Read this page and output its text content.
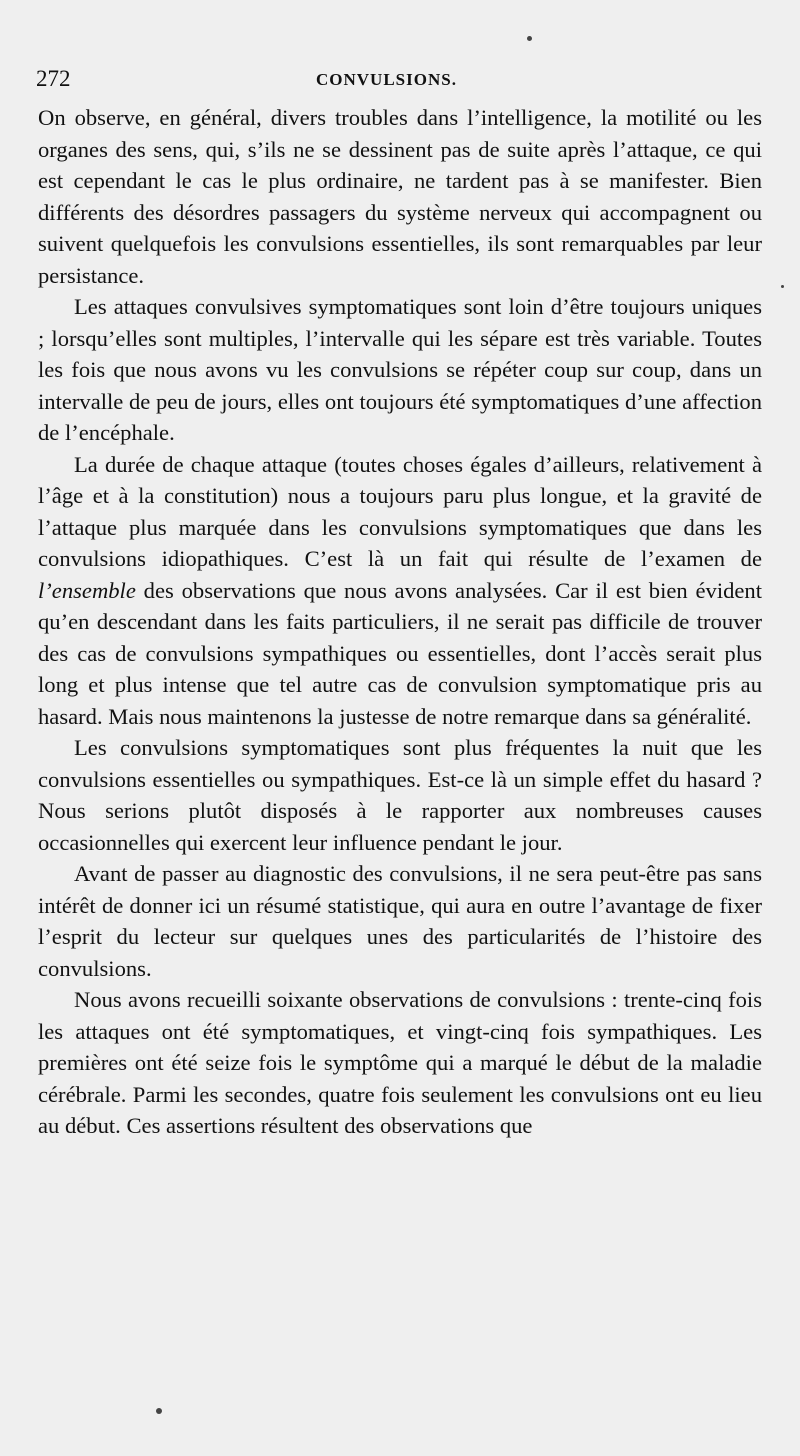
272	CONVULSIONS.

On observe, en général, divers troubles dans l’intelligence, la motilité ou les organes des sens, qui, s’ils ne se dessinent pas de suite après l’attaque, ce qui est cependant le cas le plus ordinaire, ne tardent pas à se manifester. Bien différents des désordres passagers du système nerveux qui accompagnent ou suivent quelquefois les convulsions essentielles, ils sont remarquables par leur persistance.

Les attaques convulsives symptomatiques sont loin d’être toujours uniques ; lorsqu’elles sont multiples, l’intervalle qui les sépare est très variable. Toutes les fois que nous avons vu les convulsions se répéter coup sur coup, dans un intervalle de peu de jours, elles ont toujours été symptomatiques d’une affection de l’encéphale.

La durée de chaque attaque (toutes choses égales d’ailleurs, relativement à l’âge et à la constitution) nous a toujours paru plus longue, et la gravité de l’attaque plus marquée dans les convulsions symptomatiques que dans les convulsions idiopathiques. C’est là un fait qui résulte de l’examen de l’ensemble des observations que nous avons analysées. Car il est bien évident qu’en descendant dans les faits particuliers, il ne serait pas difficile de trouver des cas de convulsions sympathiques ou essentielles, dont l’accès serait plus long et plus intense que tel autre cas de convulsion symptomatique pris au hasard. Mais nous maintenons la justesse de notre remarque dans sa généralité.

Les convulsions symptomatiques sont plus fréquentes la nuit que les convulsions essentielles ou sympathiques. Est-ce là un simple effet du hasard ? Nous serions plutôt disposés à le rapporter aux nombreuses causes occasionnelles qui exercent leur influence pendant le jour.

Avant de passer au diagnostic des convulsions, il ne sera peut-être pas sans intérêt de donner ici un résumé statistique, qui aura en outre l’avantage de fixer l’esprit du lecteur sur quelques unes des particularités de l’histoire des convulsions.

Nous avons recueilli soixante observations de convulsions : trente-cinq fois les attaques ont été symptomatiques, et vingt-cinq fois sympathiques. Les premières ont été seize fois le symptôme qui a marqué le début de la maladie cérébrale. Parmi les secondes, quatre fois seulement les convulsions ont eu lieu au début. Ces assertions résultent des observations que
